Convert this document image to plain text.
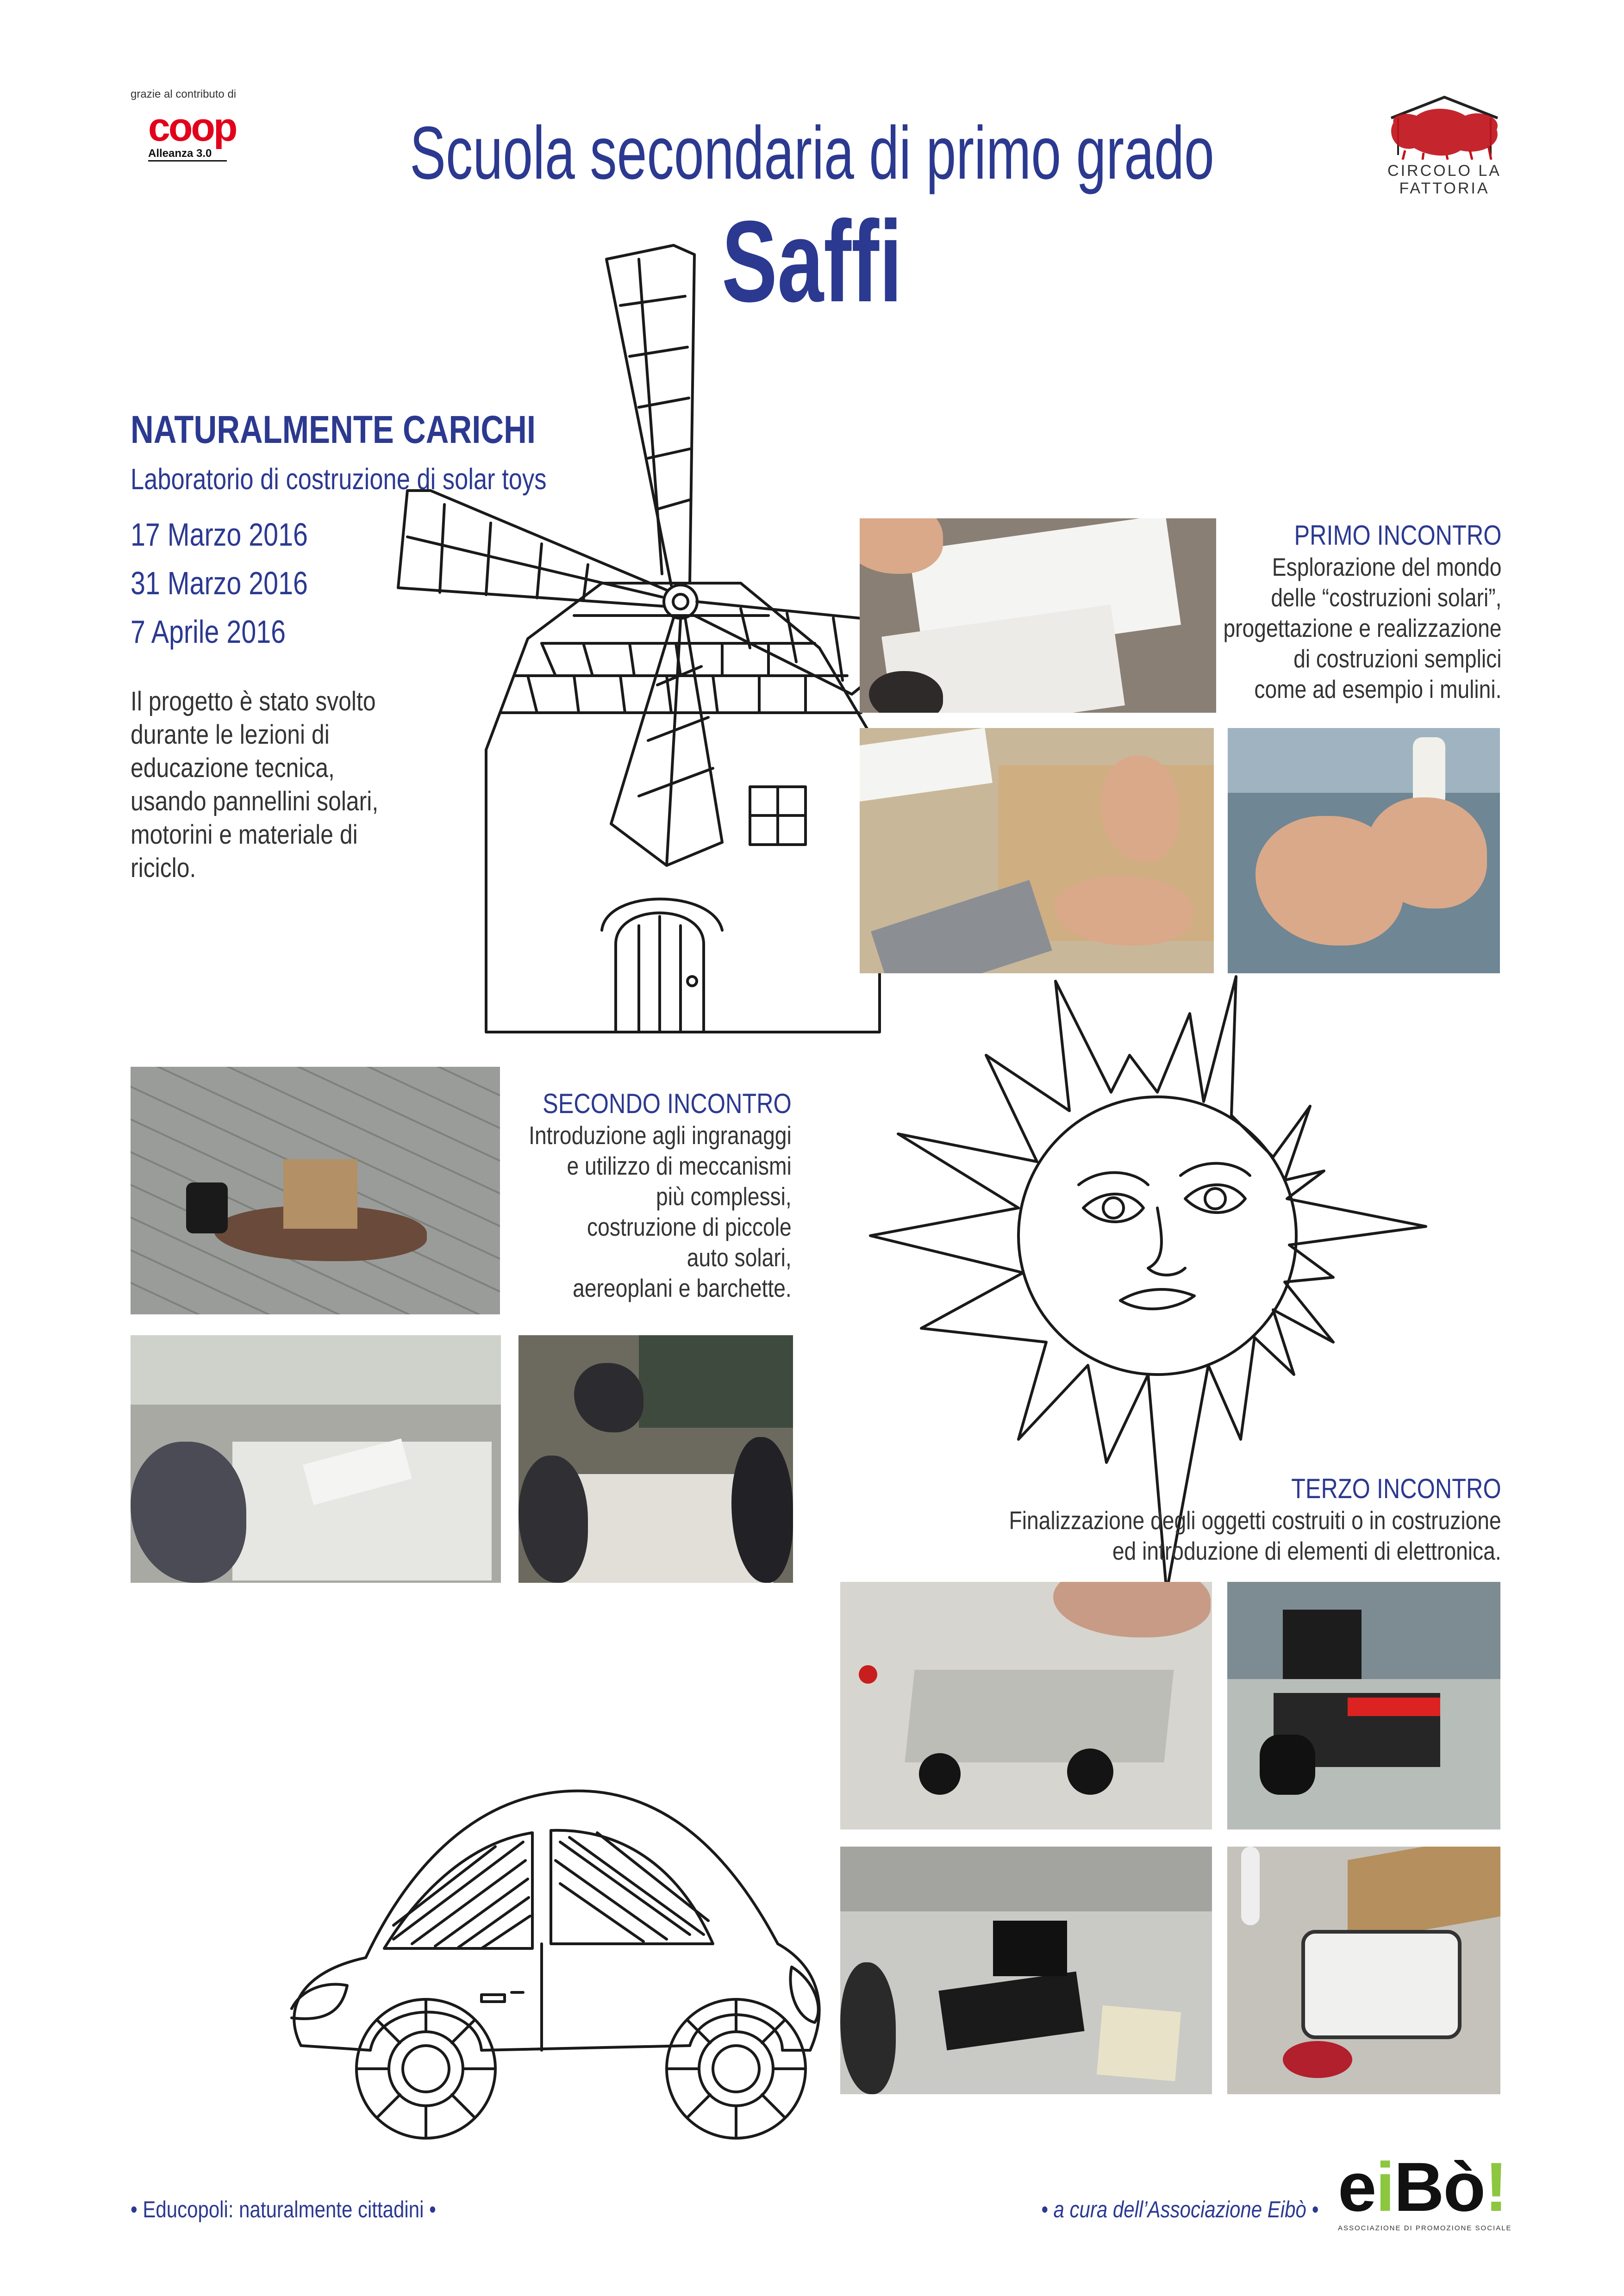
grazie al contributo di
coop
Alleanza 3.0	Scuola secondaria di primo grado
Saffi
CIRCOLO LA
FATTORIA
NATURALMENTE CARICHI
Laboratorio di costruzione di solar toys
17 Marzo 2016
31 Marzo 2016
7 Aprile 2016
Il progetto è stato svolto
durante le lezioni di
educazione tecnica,
usando pannellini solari,
motorini e materiale di
riciclo.
PRIMO INCONTRO
Esplorazione del mondo
delle “costruzioni solari”,
progettazione e realizzazione
di costruzioni semplici
come ad esempio i mulini.
SECONDO INCONTRO
Introduzione agli ingranaggi
e utilizzo di meccanismi
più complessi,
costruzione di piccole
auto solari,
aereoplani e barchette.
TERZO INCONTRO
Finalizzazione degli oggetti costruiti o in costruzione
ed introduzione di elementi di elettronica.
• Educopoli: naturalmente cittadini •	• a cura dell’Associazione Eibò • eiBò!
ASSOCIAZIONE DI PROMOZIONE SOCIALE
